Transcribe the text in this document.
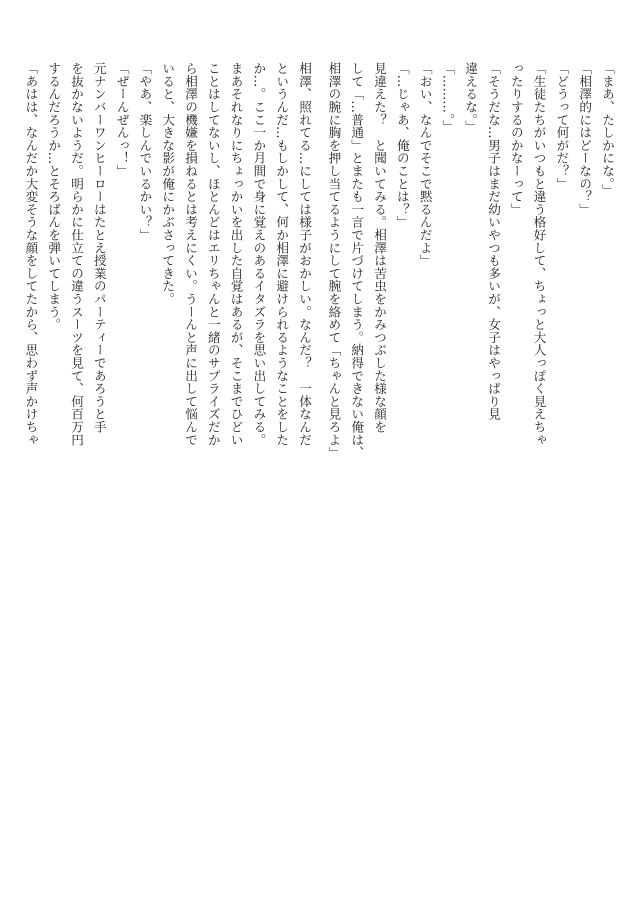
「まあ、たしかにな。」
「相澤的にはどーなの？」
「どうって何がだ？」
「生徒たちがいつもと違う格好して、ちょっと大人っぽく見えちゃ
ったりするのかなーって」
「そうだな…男子はまだ幼いやつも多いが、女子はやっぱり見
違えるな。」
「………。」
「おい、なんでそこで黙るんだよ」
「…じゃあ、俺のことは？」
見違えた？　と聞いてみる。相澤は苦虫をかみつぶした様な顔を
して「…普通」とまたも一言で片づけてしまう。納得できない俺は、
相澤の腕に胸を押し当てるようにして腕を絡めて「ちゃんと見ろよ」
相澤、照れてる…にしては様子がおかしい。なんだ？　一体なんだ
というんだ…もしかして、何か相澤に避けられるようなことをした
か…。ここ一か月間で身に覚えのあるイタズラを思い出してみる。
まあそれなりにちょっかいを出した自覚はあるが、そこまでひどい
ことはしてないし、ほとんどはエリちゃんと一緒のサプライズだか
ら相澤の機嫌を損ねるとは考えにくい。うーんと声に出して悩んで
いると、大きな影が俺にかぶさってきた。
「やあ、楽しんでいるかい？」
「ぜーんぜんっ！」
元ナンバーワンヒーローはたとえ授業のパーティーであろうと手
を抜かないようだ。明らかに仕立ての違うスーツを見て、何百万円
するんだろうか…とそろばんを弾いてしまう。
「あはは、なんだか大変そうな顔をしてたから、思わず声かけちゃ
